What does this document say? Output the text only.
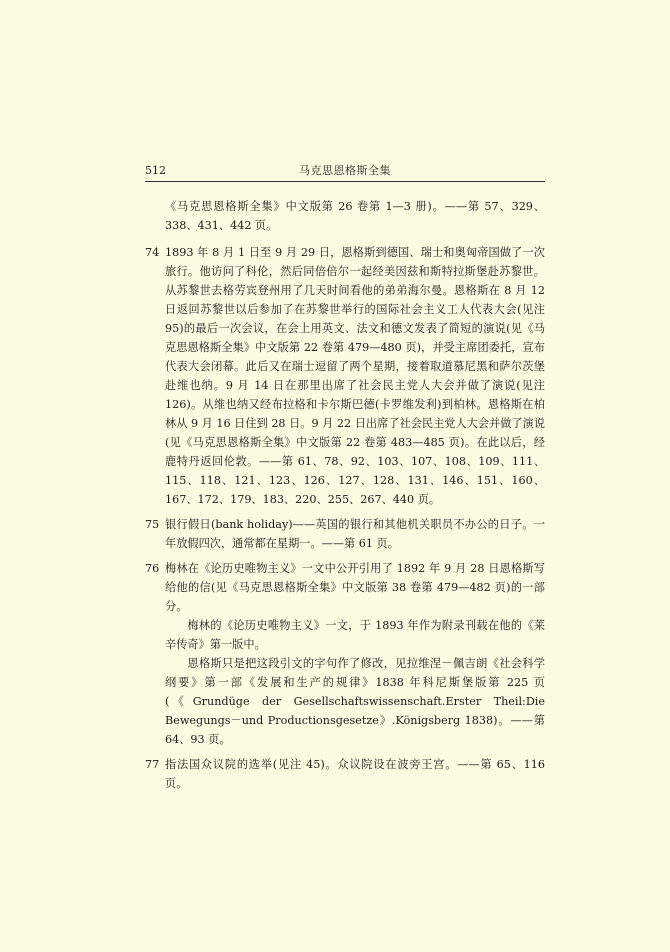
512	马克思恩格斯全集

《马克思恩格斯全集》中文版第 26 卷第 1—3 册)。——第 57、329、338、431、442 页。

74 1893 年 8 月 1 日至 9 月 29 日，恩格斯到德国、瑞士和奥匈帝国做了一次旅行。他访问了科伦，然后同倍倍尔一起经美因兹和斯特拉斯堡赴苏黎世。从苏黎世去格劳宾登州用了几天时间看他的弟弟海尔曼。恩格斯在 8 月 12 日返回苏黎世以后参加了在苏黎世举行的国际社会主义工人代表大会(见注 95)的最后一次会议，在会上用英文、法文和德文发表了简短的演说(见《马克思恩格斯全集》中文版第 22 卷第 479—480 页)，并受主席团委托，宣布代表大会闭幕。此后又在瑞士逗留了两个星期，接着取道慕尼黑和萨尔茨堡赴维也纳。9 月 14 日在那里出席了社会民主党人大会并做了演说(见注 126)。从维也纳又经布拉格和卡尔斯巴德(卡罗维发利)到柏林。恩格斯在柏林从 9 月 16 日住到 28 日。9 月 22 日出席了社会民主党人大会并做了演说(见《马克思恩格斯全集》中文版第 22 卷第 483—485 页)。在此以后，经鹿特丹返回伦敦。——第 61、78、92、103、107、108、109、111、115、118、121、123、126、127、128、131、146、151、160、167、172、179、183、220、255、267、440 页。

75 银行假日(bank holiday)——英国的银行和其他机关职员不办公的日子。一年放假四次，通常都在星期一。——第 61 页。

76 梅林在《论历史唯物主义》一文中公开引用了 1892 年 9 月 28 日恩格斯写给他的信(见《马克思恩格斯全集》中文版第 38 卷第 479—482 页)的一部分。

梅林的《论历史唯物主义》一文，于 1893 年作为附录刊载在他的《莱辛传奇》第一版中。

恩格斯只是把这段引文的字句作了修改，见拉维涅－佩吉朗《社会科学纲要》第一部《发展和生产的规律》1838 年科尼斯堡版第 225 页(《Grundüge der Gesellschaftswissenschaft.Erster Theil:Die Bewegungs－und Productionsgesetze》.Königsberg 1838)。——第 64、93 页。

77 指法国众议院的选举(见注 45)。众议院设在波旁王宫。——第 65、116 页。
